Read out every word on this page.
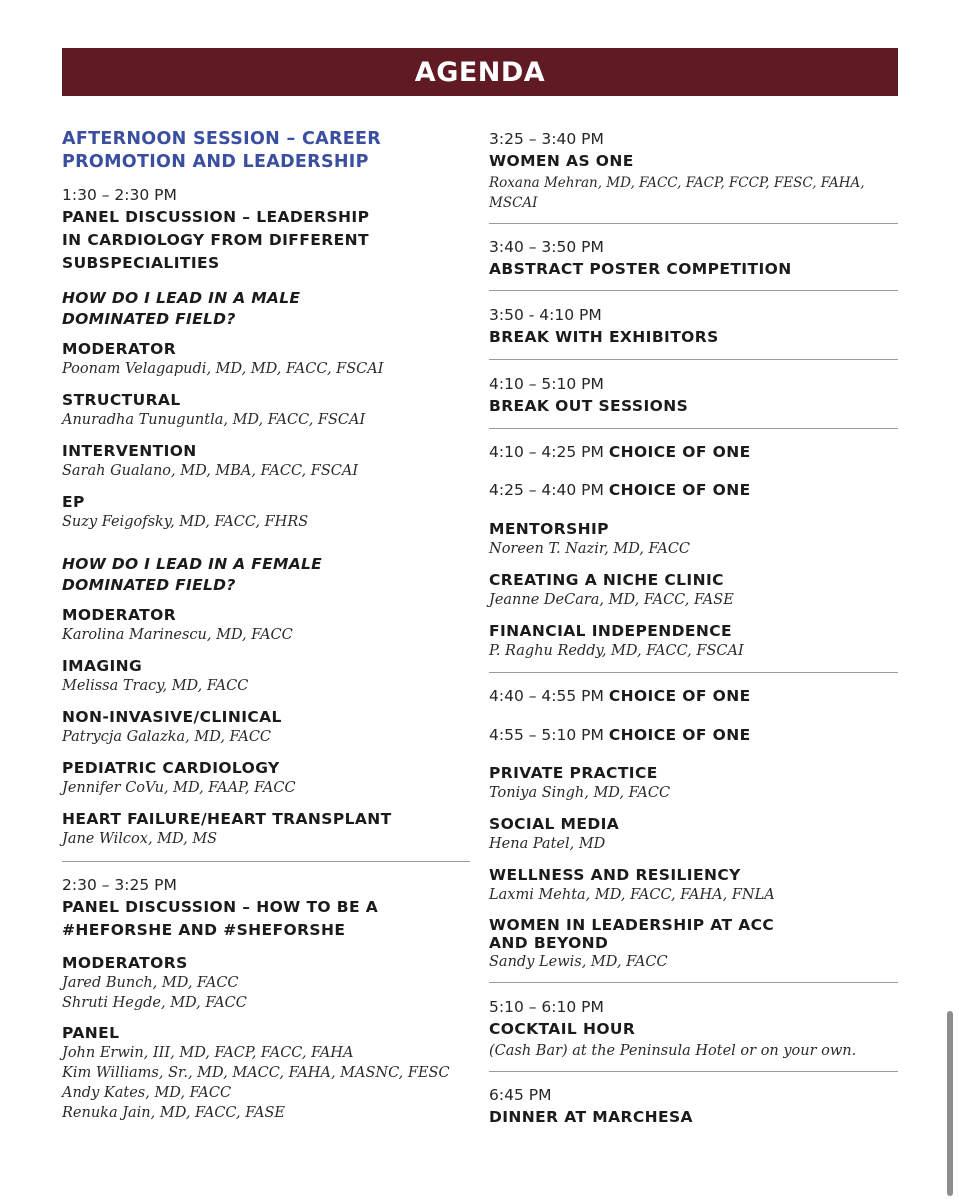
AGENDA
AFTERNOON SESSION – CAREER
PROMOTION AND LEADERSHIP
1:30 – 2:30 PM
PANEL DISCUSSION – LEADERSHIP
IN CARDIOLOGY FROM DIFFERENT
SUBSPECIALITIES
HOW DO I LEAD IN A MALE
DOMINATED FIELD?
MODERATOR
Poonam Velagapudi, MD, MD, FACC, FSCAI
STRUCTURAL
Anuradha Tunuguntla, MD, FACC, FSCAI
INTERVENTION
Sarah Gualano, MD, MBA, FACC, FSCAI
EP
Suzy Feigofsky, MD, FACC, FHRS
HOW DO I LEAD IN A FEMALE
DOMINATED FIELD?
MODERATOR
Karolina Marinescu, MD, FACC
IMAGING
Melissa Tracy, MD, FACC
NON-INVASIVE/CLINICAL
Patrycja Galazka, MD, FACC
PEDIATRIC CARDIOLOGY
Jennifer CoVu, MD, FAAP, FACC
HEART FAILURE/HEART TRANSPLANT
Jane Wilcox, MD, MS
2:30 – 3:25 PM
PANEL DISCUSSION – HOW TO BE A
#HEFORSHE AND #SHEFORSHE
MODERATORS
Jared Bunch, MD, FACC
Shruti Hegde, MD, FACC
PANEL
John Erwin, III, MD, FACP, FACC, FAHA
Kim Williams, Sr., MD, MACC, FAHA, MASNC, FESC
Andy Kates, MD, FACC
Renuka Jain, MD, FACC, FASE
3:25 – 3:40 PM
WOMEN AS ONE
Roxana Mehran, MD, FACC, FACP, FCCP, FESC, FAHA, MSCAI
3:40 – 3:50 PM
ABSTRACT POSTER COMPETITION
3:50 - 4:10 PM
BREAK WITH EXHIBITORS
4:10 – 5:10 PM
BREAK OUT SESSIONS
4:10 – 4:25 PM CHOICE OF ONE
4:25 – 4:40 PM CHOICE OF ONE
MENTORSHIP
Noreen T. Nazir, MD, FACC
CREATING A NICHE CLINIC
Jeanne DeCara, MD, FACC, FASE
FINANCIAL INDEPENDENCE
P. Raghu Reddy, MD, FACC, FSCAI
4:40 – 4:55 PM CHOICE OF ONE
4:55 – 5:10 PM CHOICE OF ONE
PRIVATE PRACTICE
Toniya Singh, MD, FACC
SOCIAL MEDIA
Hena Patel, MD
WELLNESS AND RESILIENCY
Laxmi Mehta, MD, FACC, FAHA, FNLA
WOMEN IN LEADERSHIP AT ACC
AND BEYOND
Sandy Lewis, MD, FACC
5:10 – 6:10 PM
COCKTAIL HOUR
(Cash Bar) at the Peninsula Hotel or on your own.
6:45 PM
DINNER AT MARCHESA
